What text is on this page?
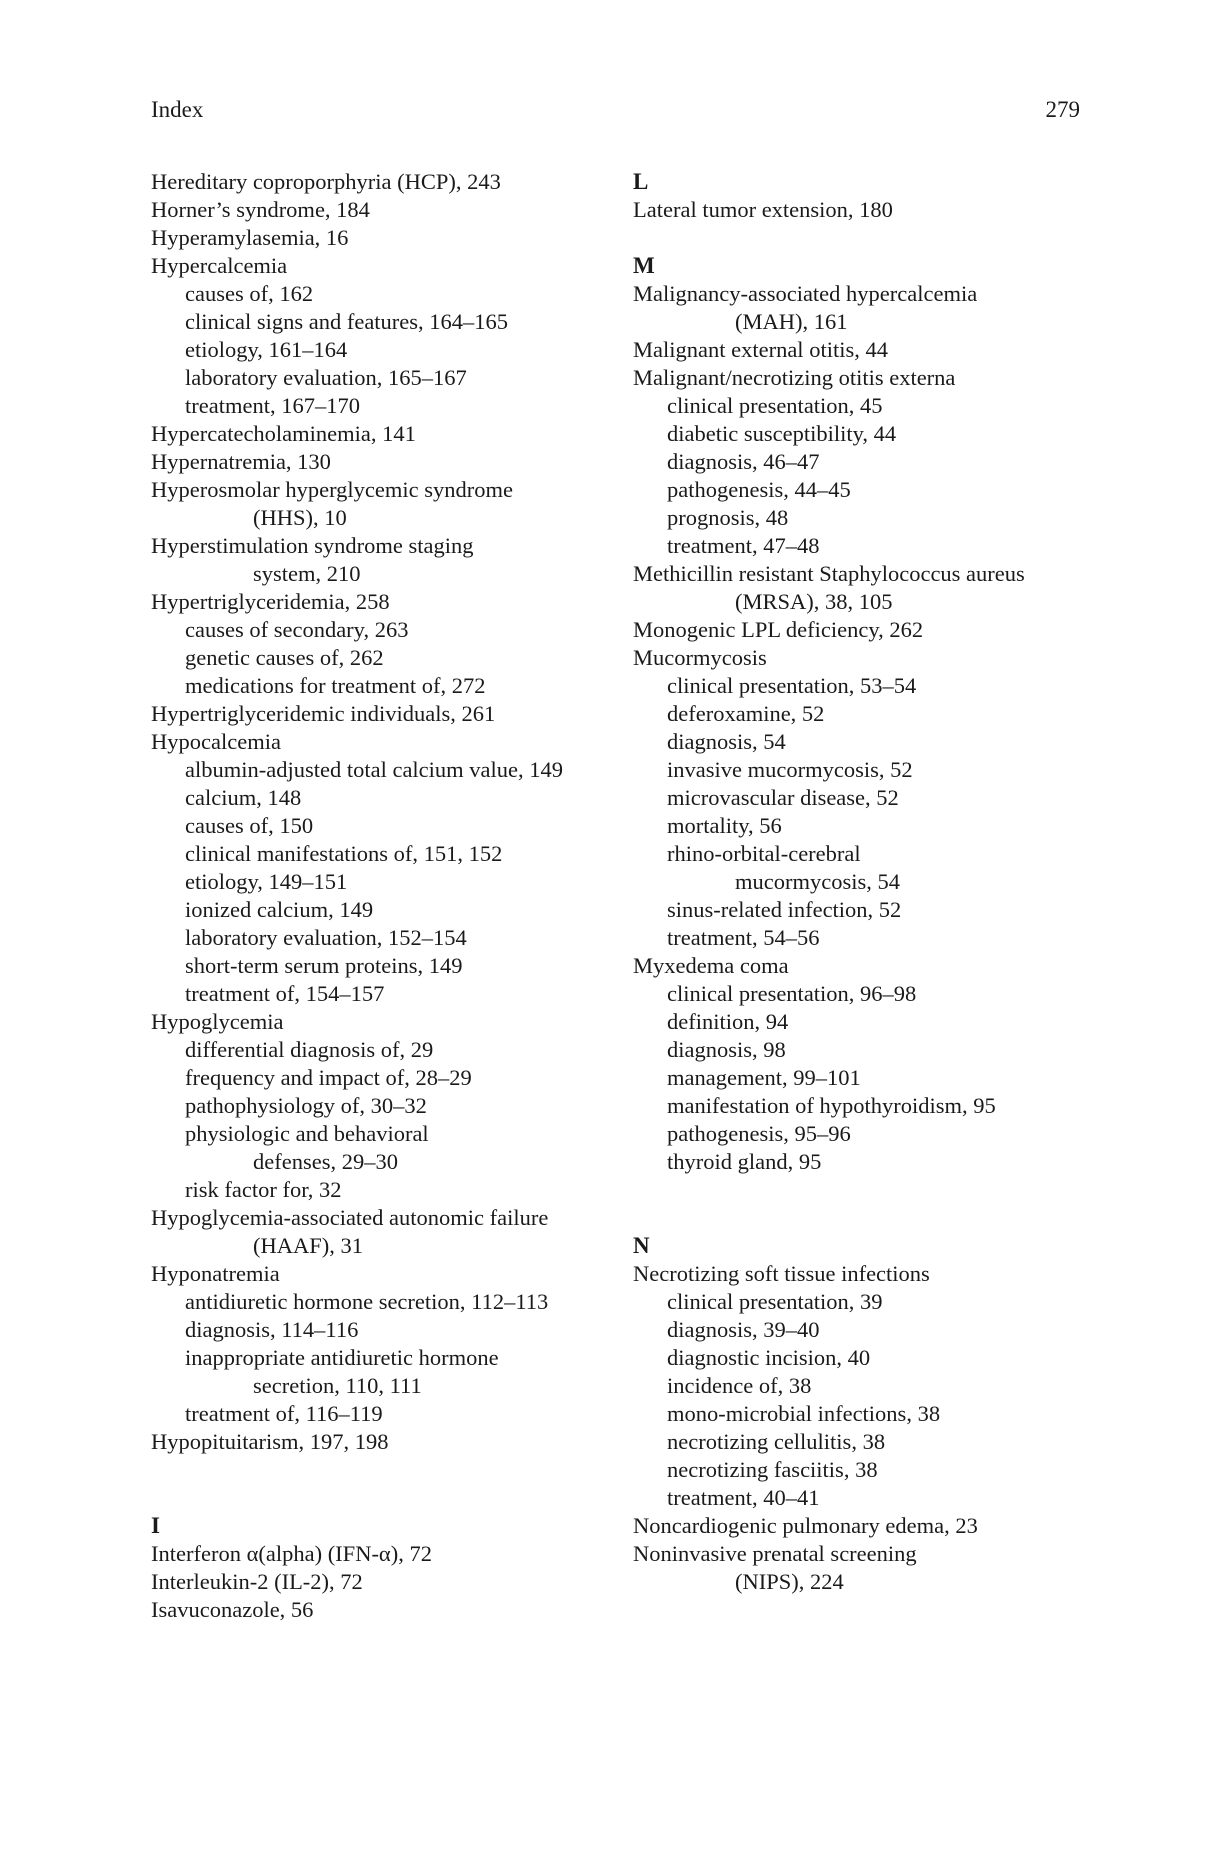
Index	279
Hereditary coproporphyria (HCP), 243
Horner’s syndrome, 184
Hyperamylasemia, 16
Hypercalcemia
causes of, 162
clinical signs and features, 164–165
etiology, 161–164
laboratory evaluation, 165–167
treatment, 167–170
Hypercatecholaminemia, 141
Hypernatremia, 130
Hyperosmolar hyperglycemic syndrome
(HHS), 10
Hyperstimulation syndrome staging
system, 210
Hypertriglyceridemia, 258
causes of secondary, 263
genetic causes of, 262
medications for treatment of, 272
Hypertriglyceridemic individuals, 261
Hypocalcemia
albumin-adjusted total calcium value, 149
calcium, 148
causes of, 150
clinical manifestations of, 151, 152
etiology, 149–151
ionized calcium, 149
laboratory evaluation, 152–154
short-term serum proteins, 149
treatment of, 154–157
Hypoglycemia
differential diagnosis of, 29
frequency and impact of, 28–29
pathophysiology of, 30–32
physiologic and behavioral
defenses, 29–30
risk factor for, 32
Hypoglycemia-associated autonomic failure
(HAAF), 31
Hyponatremia
antidiuretic hormone secretion, 112–113
diagnosis, 114–116
inappropriate antidiuretic hormone
secretion, 110, 111
treatment of, 116–119
Hypopituitarism, 197, 198
I
Interferon α(alpha) (IFN-α), 72
Interleukin-2 (IL-2), 72
Isavuconazole, 56
L
Lateral tumor extension, 180
M
Malignancy-associated hypercalcemia
(MAH), 161
Malignant external otitis, 44
Malignant/necrotizing otitis externa
clinical presentation, 45
diabetic susceptibility, 44
diagnosis, 46–47
pathogenesis, 44–45
prognosis, 48
treatment, 47–48
Methicillin resistant Staphylococcus aureus
(MRSA), 38, 105
Monogenic LPL deficiency, 262
Mucormycosis
clinical presentation, 53–54
deferoxamine, 52
diagnosis, 54
invasive mucormycosis, 52
microvascular disease, 52
mortality, 56
rhino-orbital-cerebral
mucormycosis, 54
sinus-related infection, 52
treatment, 54–56
Myxedema coma
clinical presentation, 96–98
definition, 94
diagnosis, 98
management, 99–101
manifestation of hypothyroidism, 95
pathogenesis, 95–96
thyroid gland, 95
N
Necrotizing soft tissue infections
clinical presentation, 39
diagnosis, 39–40
diagnostic incision, 40
incidence of, 38
mono-microbial infections, 38
necrotizing cellulitis, 38
necrotizing fasciitis, 38
treatment, 40–41
Noncardiogenic pulmonary edema, 23
Noninvasive prenatal screening
(NIPS), 224
